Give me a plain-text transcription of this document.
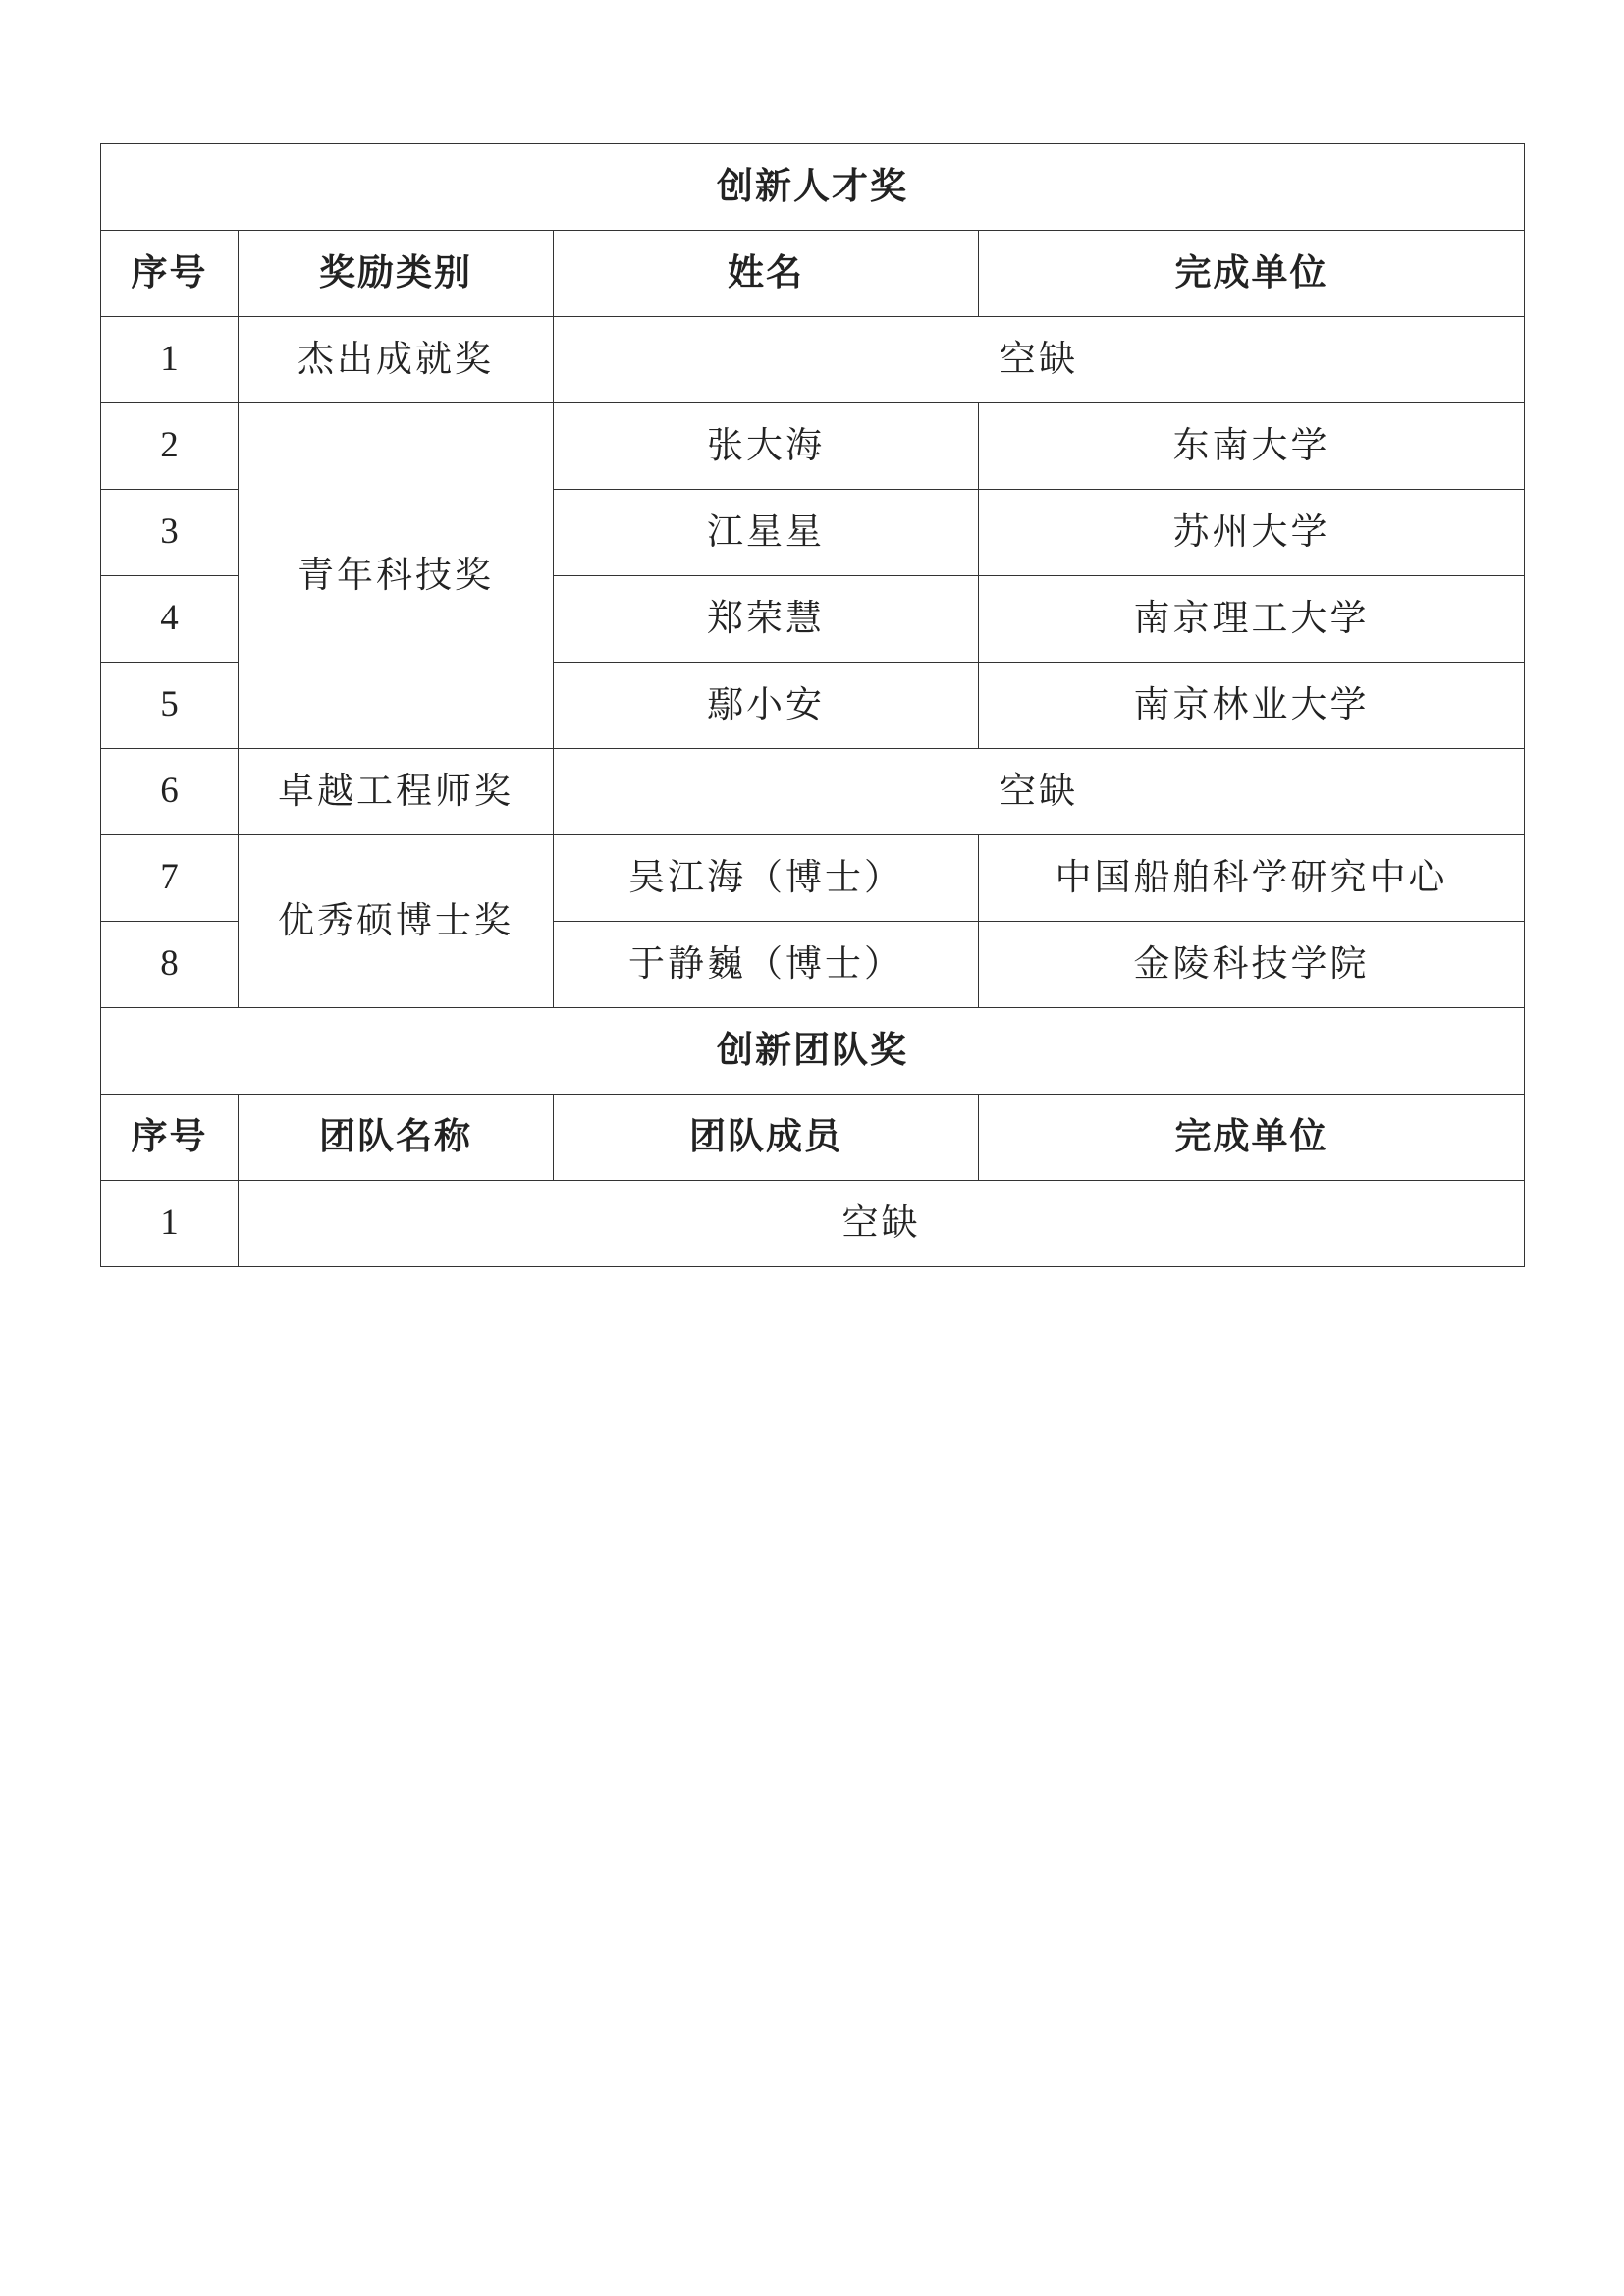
创新人才奖			
序号	奖励类别	姓名	完成单位
1	杰出成就奖	空缺	
2	青年科技奖	张大海	东南大学
3		江星星	苏州大学
4		郑荣慧	南京理工大学
5		鄢小安	南京林业大学
6	卓越工程师奖	空缺	
7	优秀硕博士奖	吴江海（博士）	中国船舶科学研究中心
8		于静巍（博士）	金陵科技学院
创新团队奖			
序号	团队名称	团队成员	完成单位
1	空缺		
